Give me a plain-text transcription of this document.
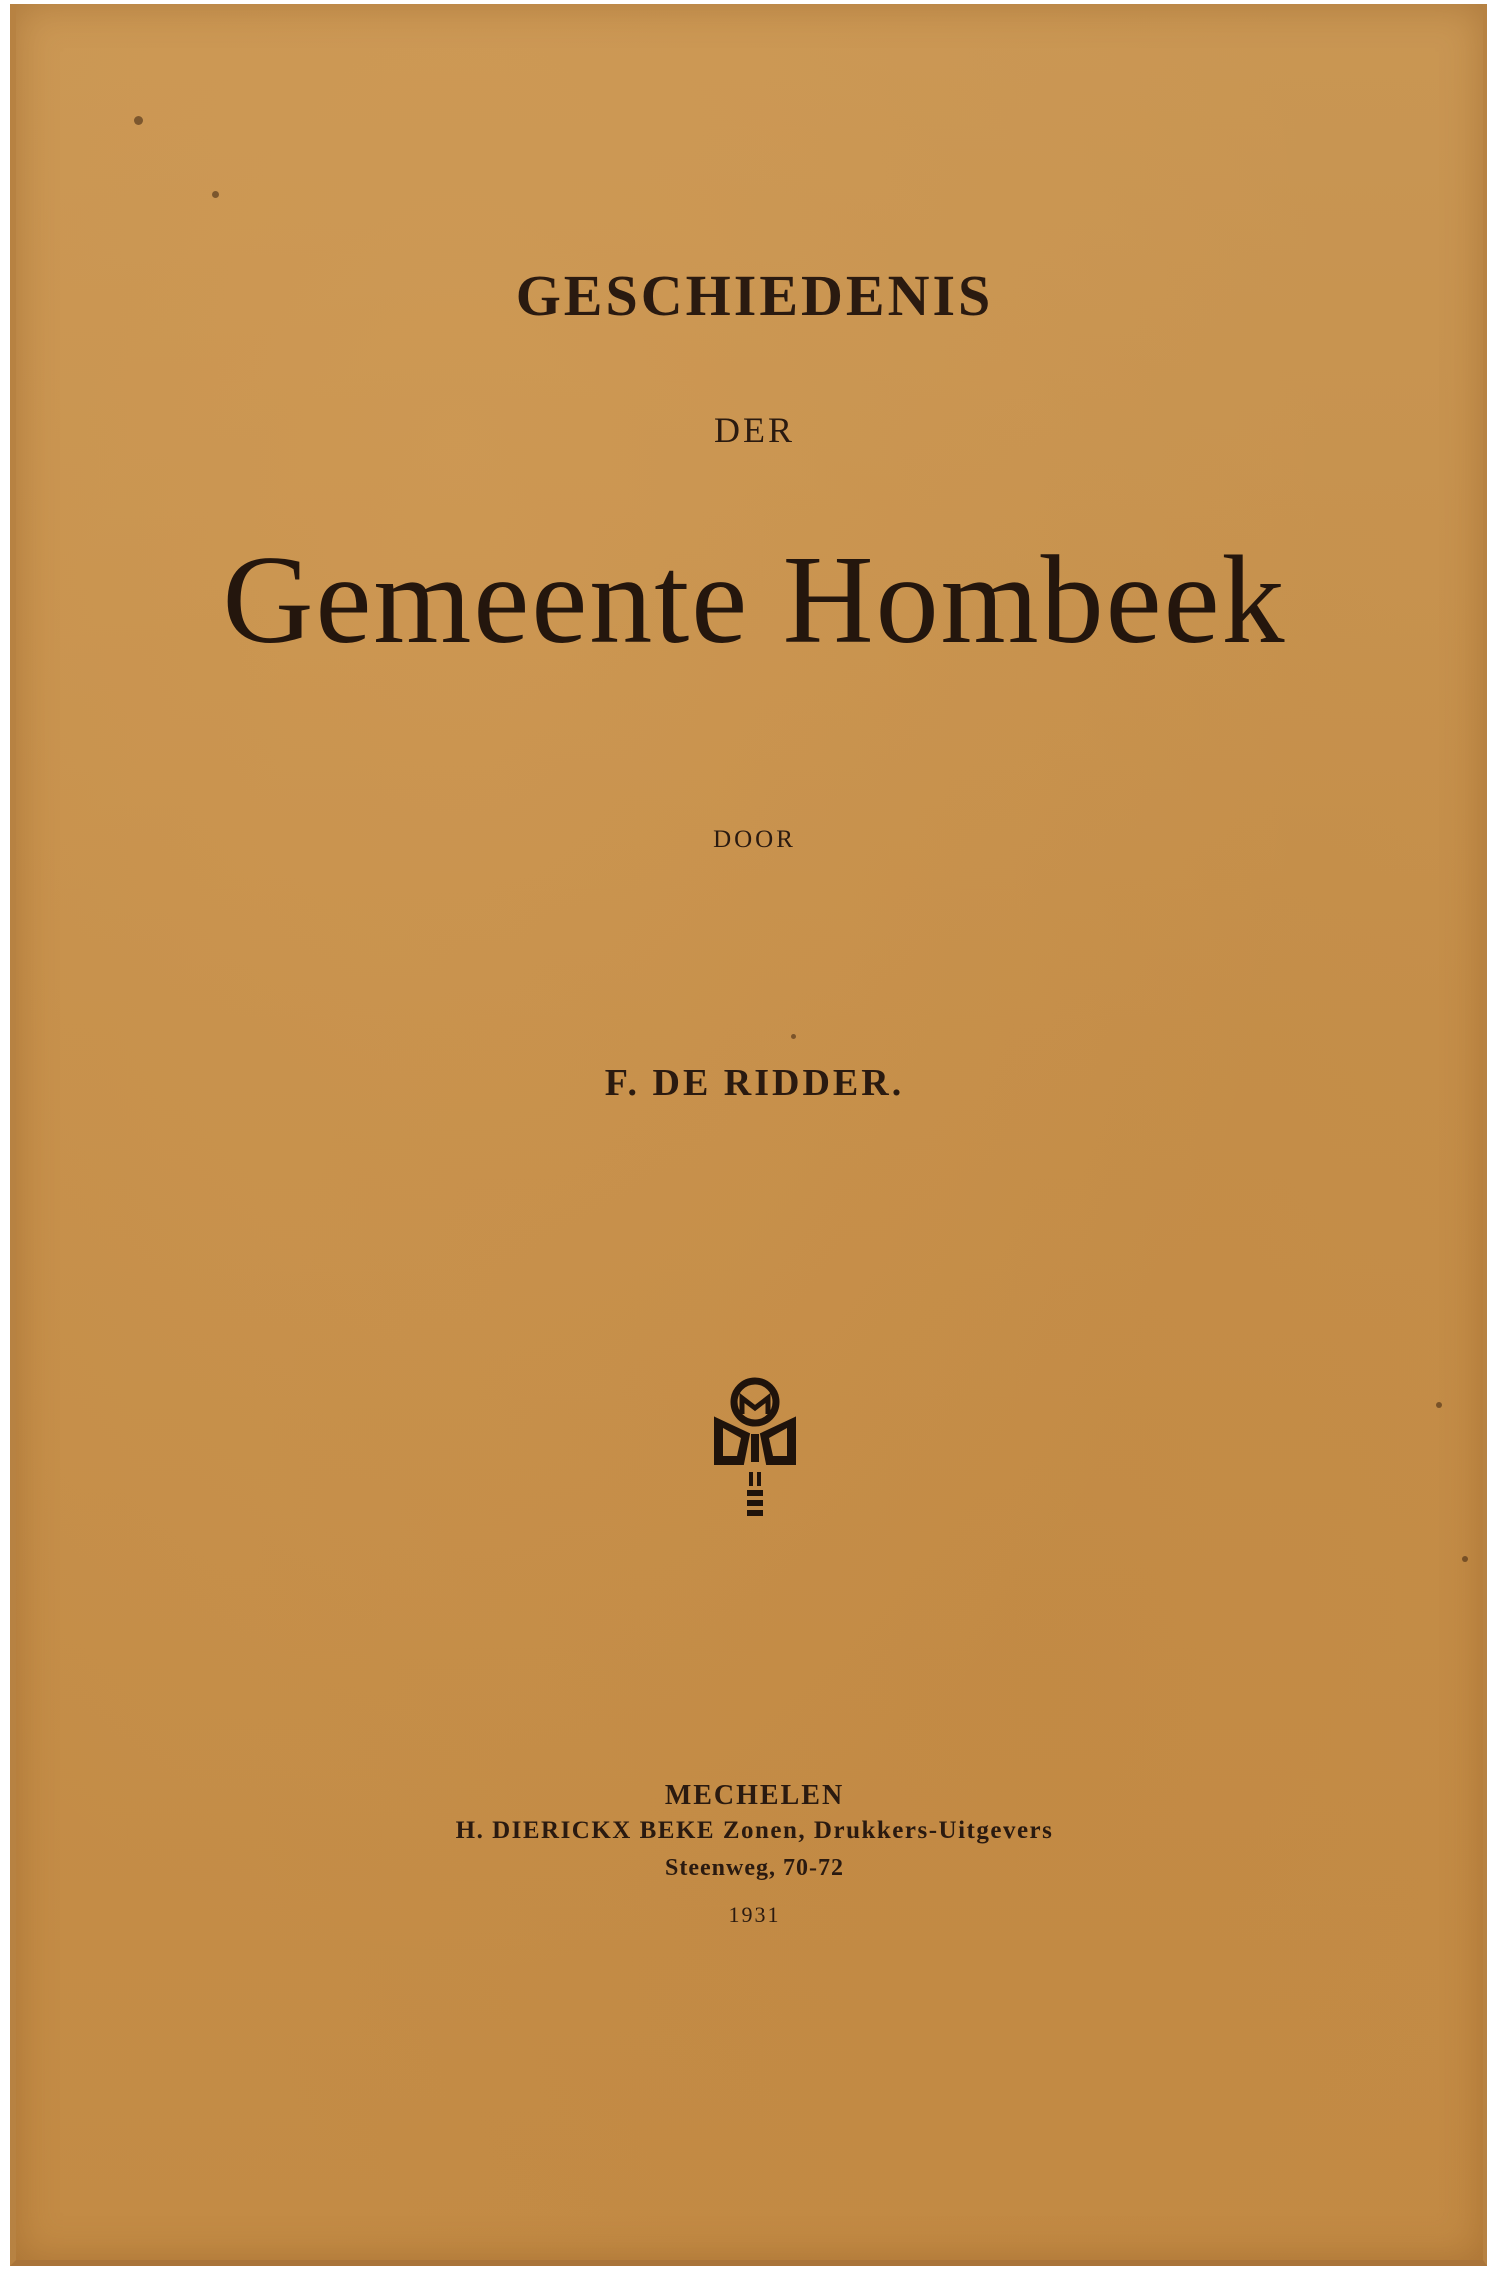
GESCHIEDENIS
DER
Gemeente Hombeek
DOOR
F. DE RIDDER.
MECHELEN
H. DIERICKX BEKE Zonen, Drukkers-Uitgevers
Steenweg, 70-72
1931
